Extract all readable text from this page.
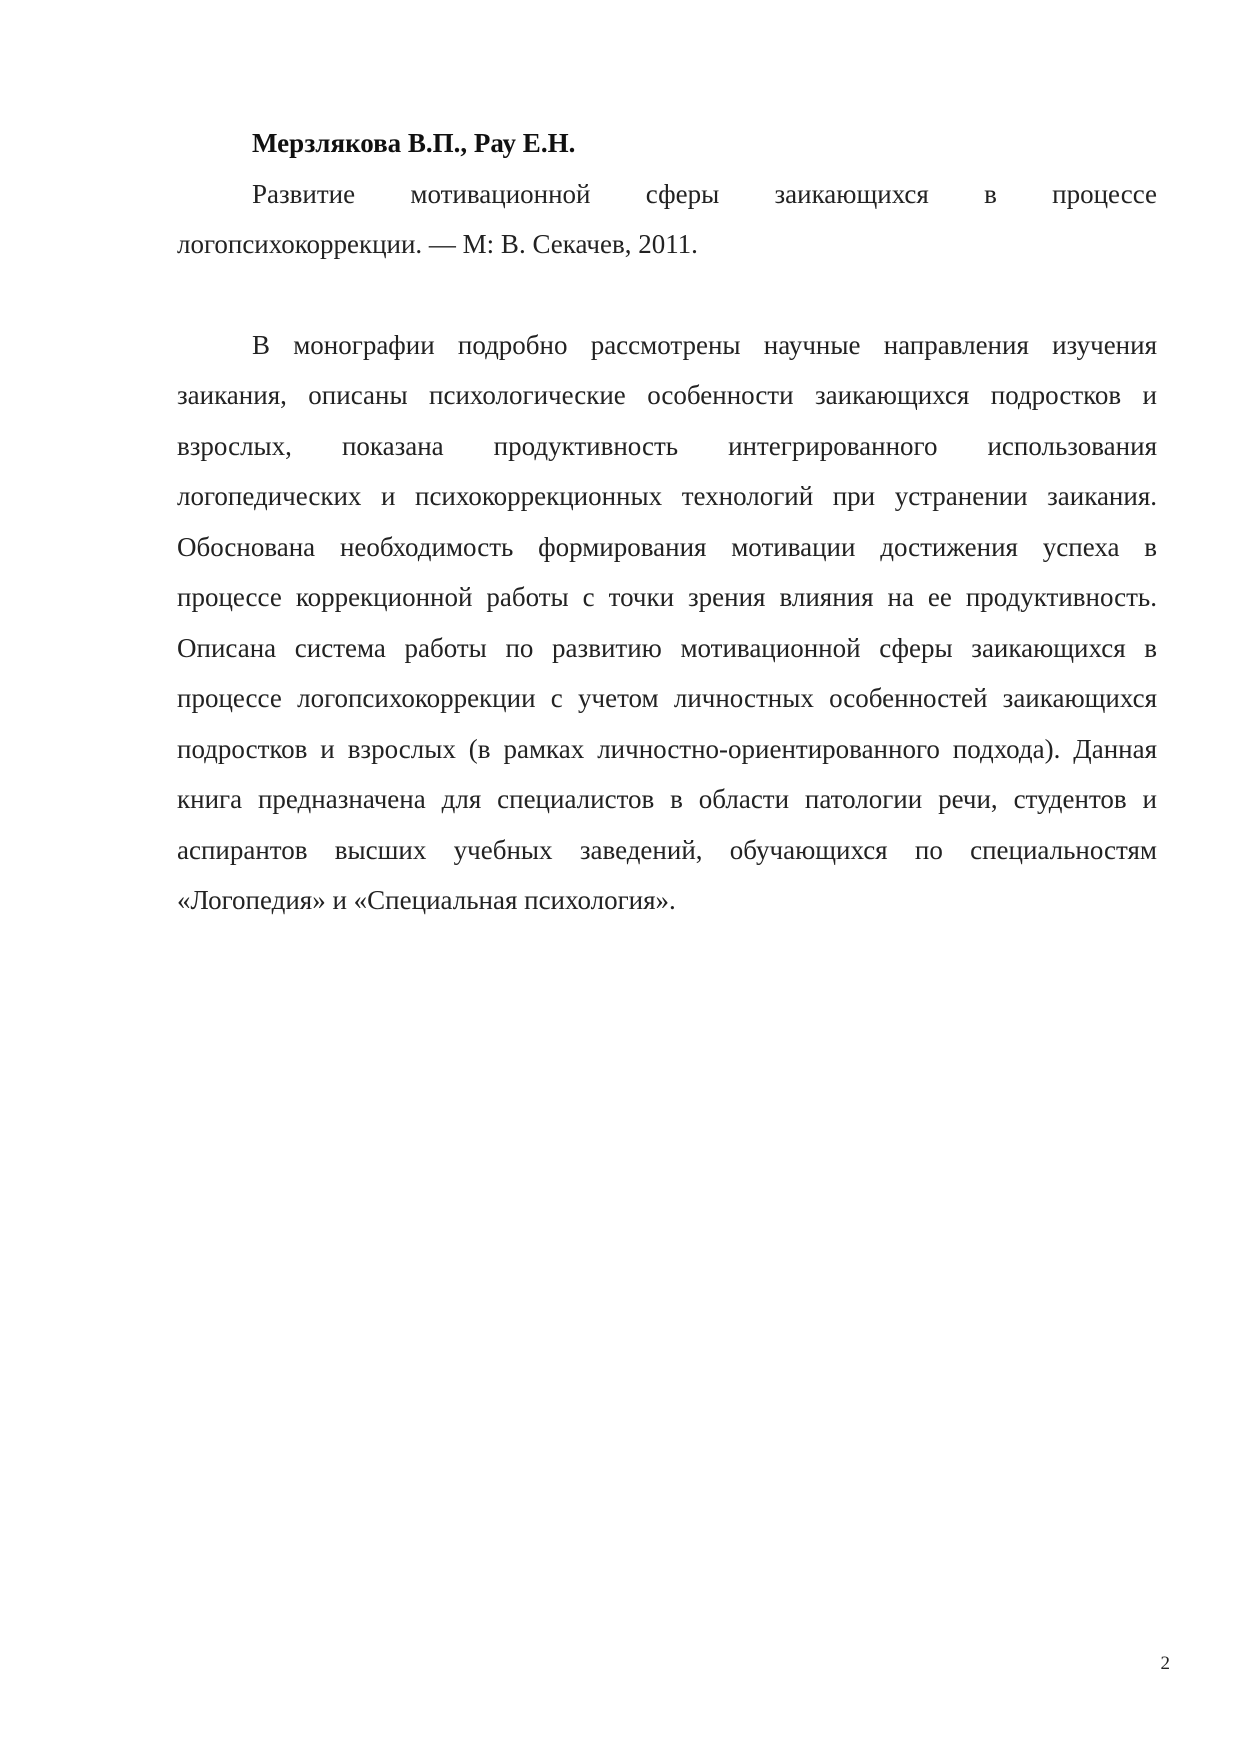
Мерзлякова В.П., Рау Е.Н.

Развитие мотивационной сферы заикающихся в процессе логопсихокоррекции. — М: В. Секачев, 2011.

В монографии подробно рассмотрены научные направления изучения заикания, описаны психологические особенности заикающихся подростков и взрослых, показана продуктивность интегрированного использования логопедических и психокоррекционных технологий при устранении заикания. Обоснована необходимость формирования мотивации достижения успеха в процессе коррекционной работы с точки зрения влияния на ее продуктивность. Описана система работы по развитию мотивационной сферы заикающихся в процессе логопсихокоррекции с учетом личностных особенностей заикающихся подростков и взрослых (в рамках личностно-ориентированного подхода). Данная книга предназначена для специалистов в области патологии речи, студентов и аспирантов высших учебных заведений, обучающихся по специальностям «Логопедия» и «Специальная психология».

2
